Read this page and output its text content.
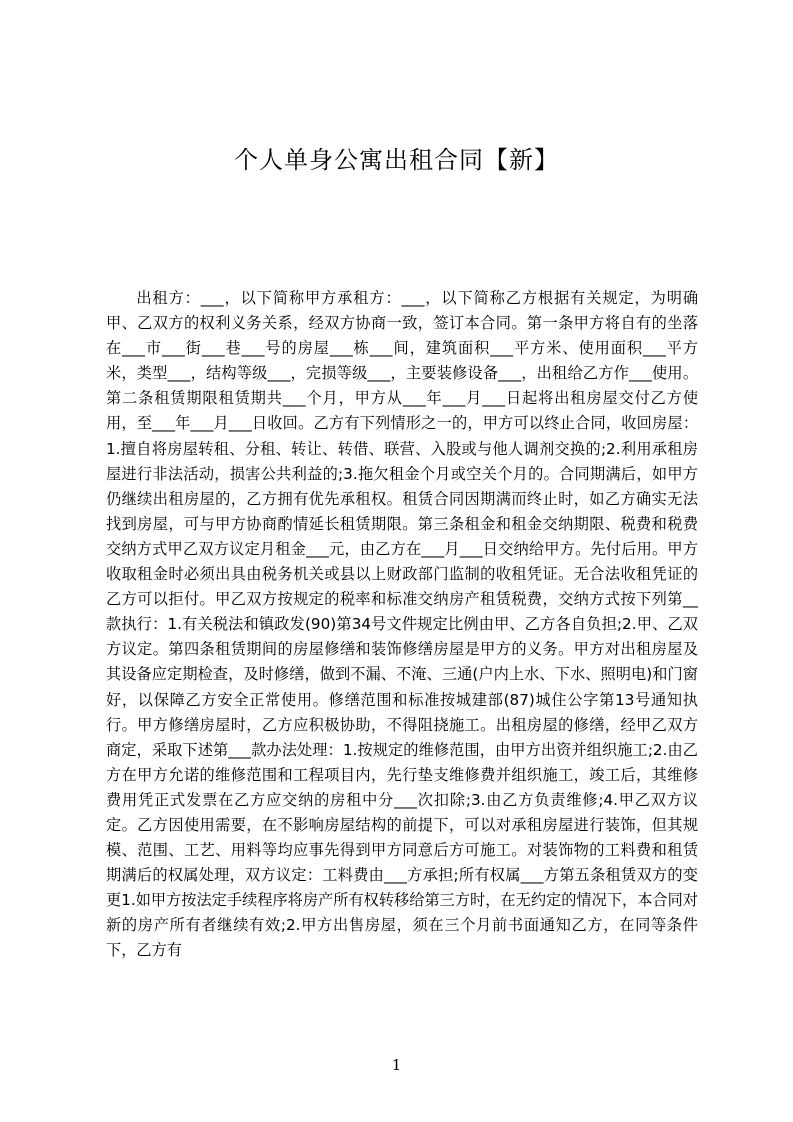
个人单身公寓出租合同【新】
出租方：___，以下简称甲方承租方：___，以下简称乙方根据有关规定，为明确甲、乙双方的权利义务关系，经双方协商一致，签订本合同。第一条甲方将自有的坐落在___市___街___巷___号的房屋___栋___间，建筑面积___平方米、使用面积___平方米，类型___，结构等级___，完损等级___，主要装修设备___，出租给乙方作___使用。第二条租赁期限租赁期共___个月，甲方从___年___月___日起将出租房屋交付乙方使用，至___年___月___日收回。乙方有下列情形之一的，甲方可以终止合同，收回房屋：1.擅自将房屋转租、分租、转让、转借、联营、入股或与他人调剂交换的;2.利用承租房屋进行非法活动，损害公共利益的;3.拖欠租金个月或空关个月的。合同期满后，如甲方仍继续出租房屋的，乙方拥有优先承租权。租赁合同因期满而终止时，如乙方确实无法找到房屋，可与甲方协商酌情延长租赁期限。第三条租金和租金交纳期限、税费和税费交纳方式甲乙双方议定月租金___元，由乙方在___月___日交纳给甲方。先付后用。甲方收取租金时必须出具由税务机关或县以上财政部门监制的收租凭证。无合法收租凭证的乙方可以拒付。甲乙双方按规定的税率和标准交纳房产租赁税费，交纳方式按下列第__款执行：1.有关税法和镇政发(90)第34号文件规定比例由甲、乙方各自负担;2.甲、乙双方议定。第四条租赁期间的房屋修缮和装饰修缮房屋是甲方的义务。甲方对出租房屋及其设备应定期检查，及时修缮，做到不漏、不淹、三通(户内上水、下水、照明电)和门窗好，以保障乙方安全正常使用。修缮范围和标准按城建部(87)城住公字第13号通知执行。甲方修缮房屋时，乙方应积极协助，不得阻挠施工。出租房屋的修缮，经甲乙双方商定，采取下述第___款办法处理：1.按规定的维修范围，由甲方出资并组织施工;2.由乙方在甲方允诺的维修范围和工程项目内，先行垫支维修费并组织施工，竣工后，其维修费用凭正式发票在乙方应交纳的房租中分___次扣除;3.由乙方负责维修;4.甲乙双方议定。乙方因使用需要，在不影响房屋结构的前提下，可以对承租房屋进行装饰，但其规模、范围、工艺、用料等均应事先得到甲方同意后方可施工。对装饰物的工料费和租赁期满后的权属处理，双方议定：工料费由___方承担;所有权属___方第五条租赁双方的变更1.如甲方按法定手续程序将房产所有权转移给第三方时，在无约定的情况下，本合同对新的房产所有者继续有效;2.甲方出售房屋，须在三个月前书面通知乙方，在同等条件下，乙方有
1
